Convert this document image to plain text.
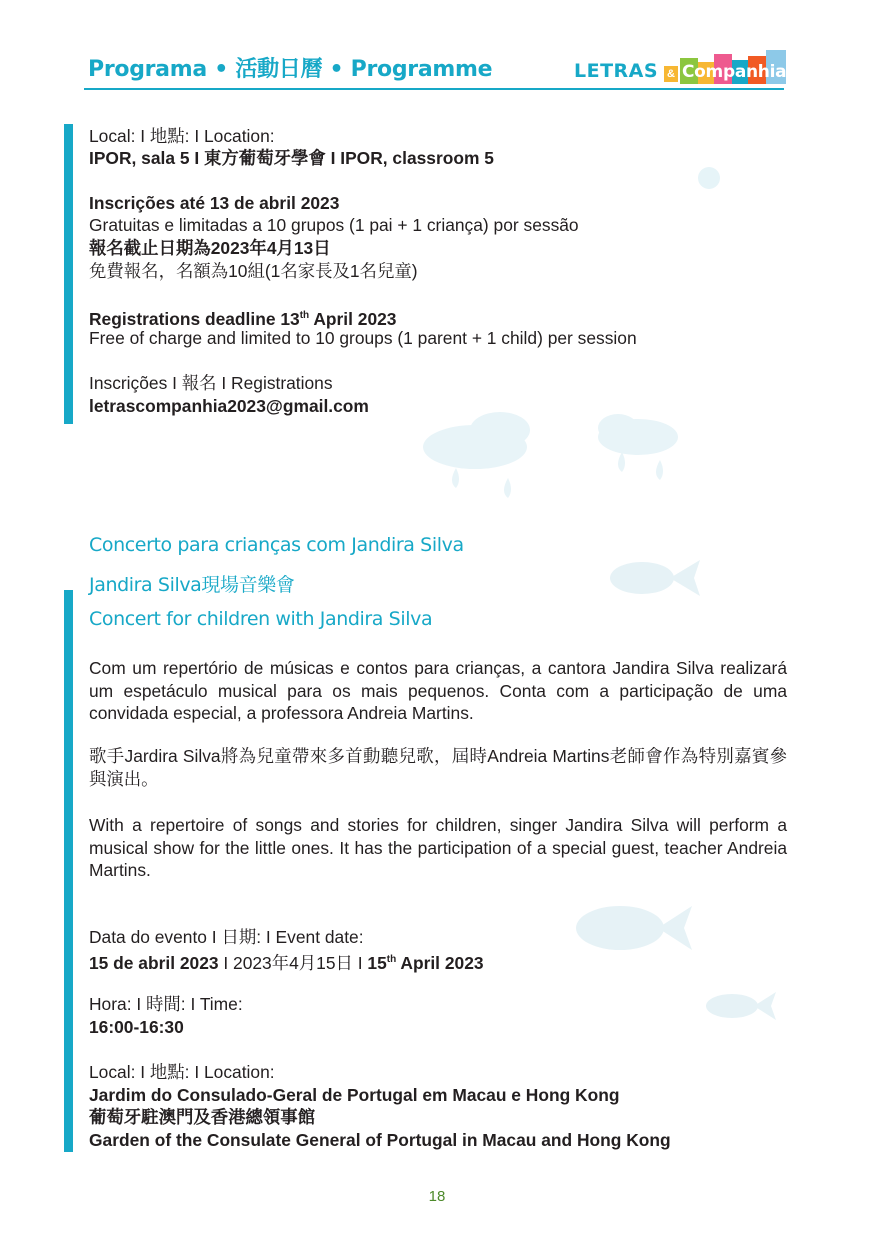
Programa • 活動日曆 • Programme	LETRAS & Companhia

Local: I 地點: I Location:

IPOR, sala 5 I 東方葡萄牙學會 I IPOR, classroom 5

Inscrições até 13 de abril 2023

Gratuitas e limitadas a 10 grupos (1 pai + 1 criança) por sessão

報名截止日期為2023年4月13日

免費報名，名額為10組(1名家長及1名兒童)

Registrations deadline 13th April 2023

Free of charge and limited to 10 groups (1 parent + 1 child) per session

Inscrições I 報名 I Registrations

letrascompanhia2023@gmail.com

Concerto para crianças com Jandira Silva
Jandira Silva現場音樂會
Concert for children with Jandira Silva

Com um repertório de músicas e contos para crianças, a cantora Jandira Silva realizará um espetáculo musical para os mais pequenos. Conta com a participação de uma convidada especial, a professora Andreia Martins.

歌手Jardira Silva將為兒童帶來多首動聽兒歌，屆時Andreia Martins老師會作為特別嘉賓參與演出。

With a repertoire of songs and stories for children, singer Jandira Silva will perform a musical show for the little ones. It has the participation of a special guest, teacher Andreia Martins.

Data do evento I 日期: I Event date:

15 de abril 2023 I 2023年4月15日 I 15th April 2023

Hora: I 時間: I Time:

16:00-16:30

Local: I 地點: I Location:

Jardim do Consulado-Geral de Portugal em Macau e Hong Kong

葡萄牙駐澳門及香港總領事館

Garden of the Consulate General of Portugal in Macau and Hong Kong

18
